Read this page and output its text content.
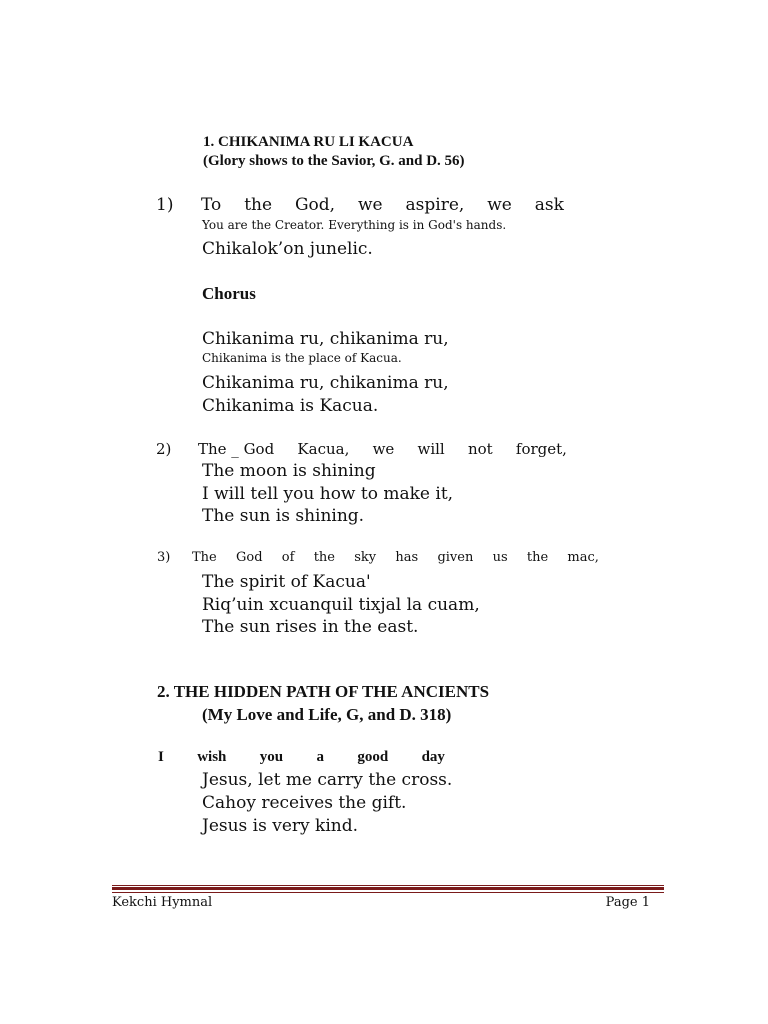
1. CHIKANIMA RU LI KACUA
(Glory shows to the Savior, G. and D. 56)
1) To the God, we aspire, we ask
You are the Creator. Everything is in God's hands.
Chikalok’on junelic.
Chorus
Chikanima ru, chikanima ru,
Chikanima is the place of Kacua.
Chikanima ru, chikanima ru,
Chikanima is Kacua.
2) The _ God Kacua, we will not forget,
The moon is shining
I will tell you how to make it,
The sun is shining.
3) The God of the sky has given us the mac,
The spirit of Kacua'
Riq’uin xcuanquil tixjal la cuam,
The sun rises in the east.
2. THE HIDDEN PATH OF THE ANCIENTS
(My Love and Life, G, and D. 318)
I wish you a good day
Jesus, let me carry the cross.
Cahoy receives the gift.
Jesus is very kind.
Kekchi Hymnal	Page 1
